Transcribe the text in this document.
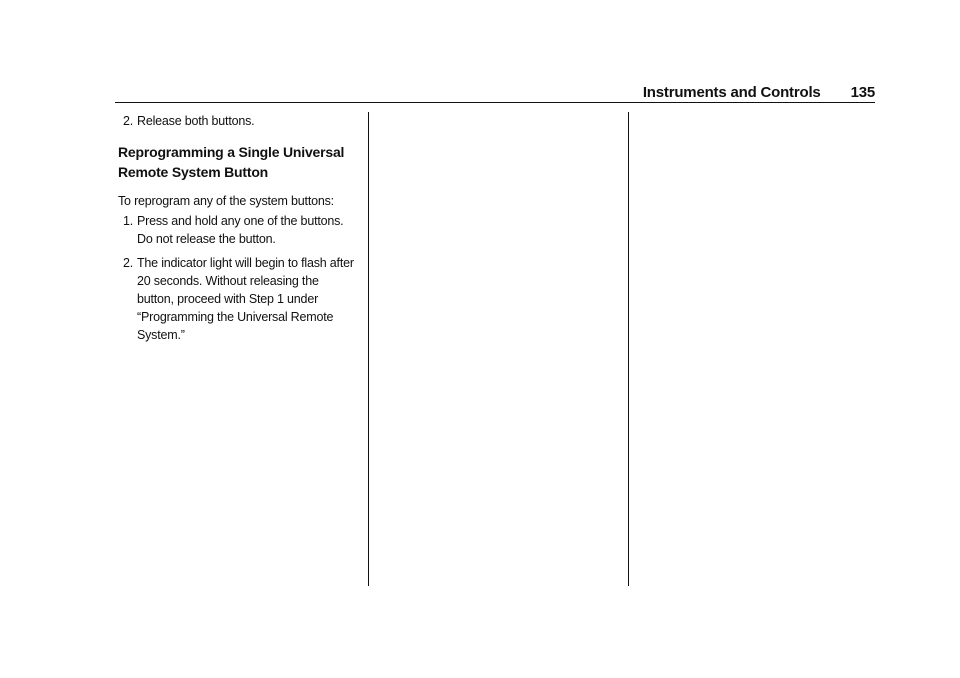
Instruments and Controls 135
2. Release both buttons.
Reprogramming a Single Universal Remote System Button

To reprogram any of the system buttons:

1. Press and hold any one of the buttons. Do not release the button.
2. The indicator light will begin to flash after 20 seconds. Without releasing the button, proceed with Step 1 under “Programming the Universal Remote System.”
